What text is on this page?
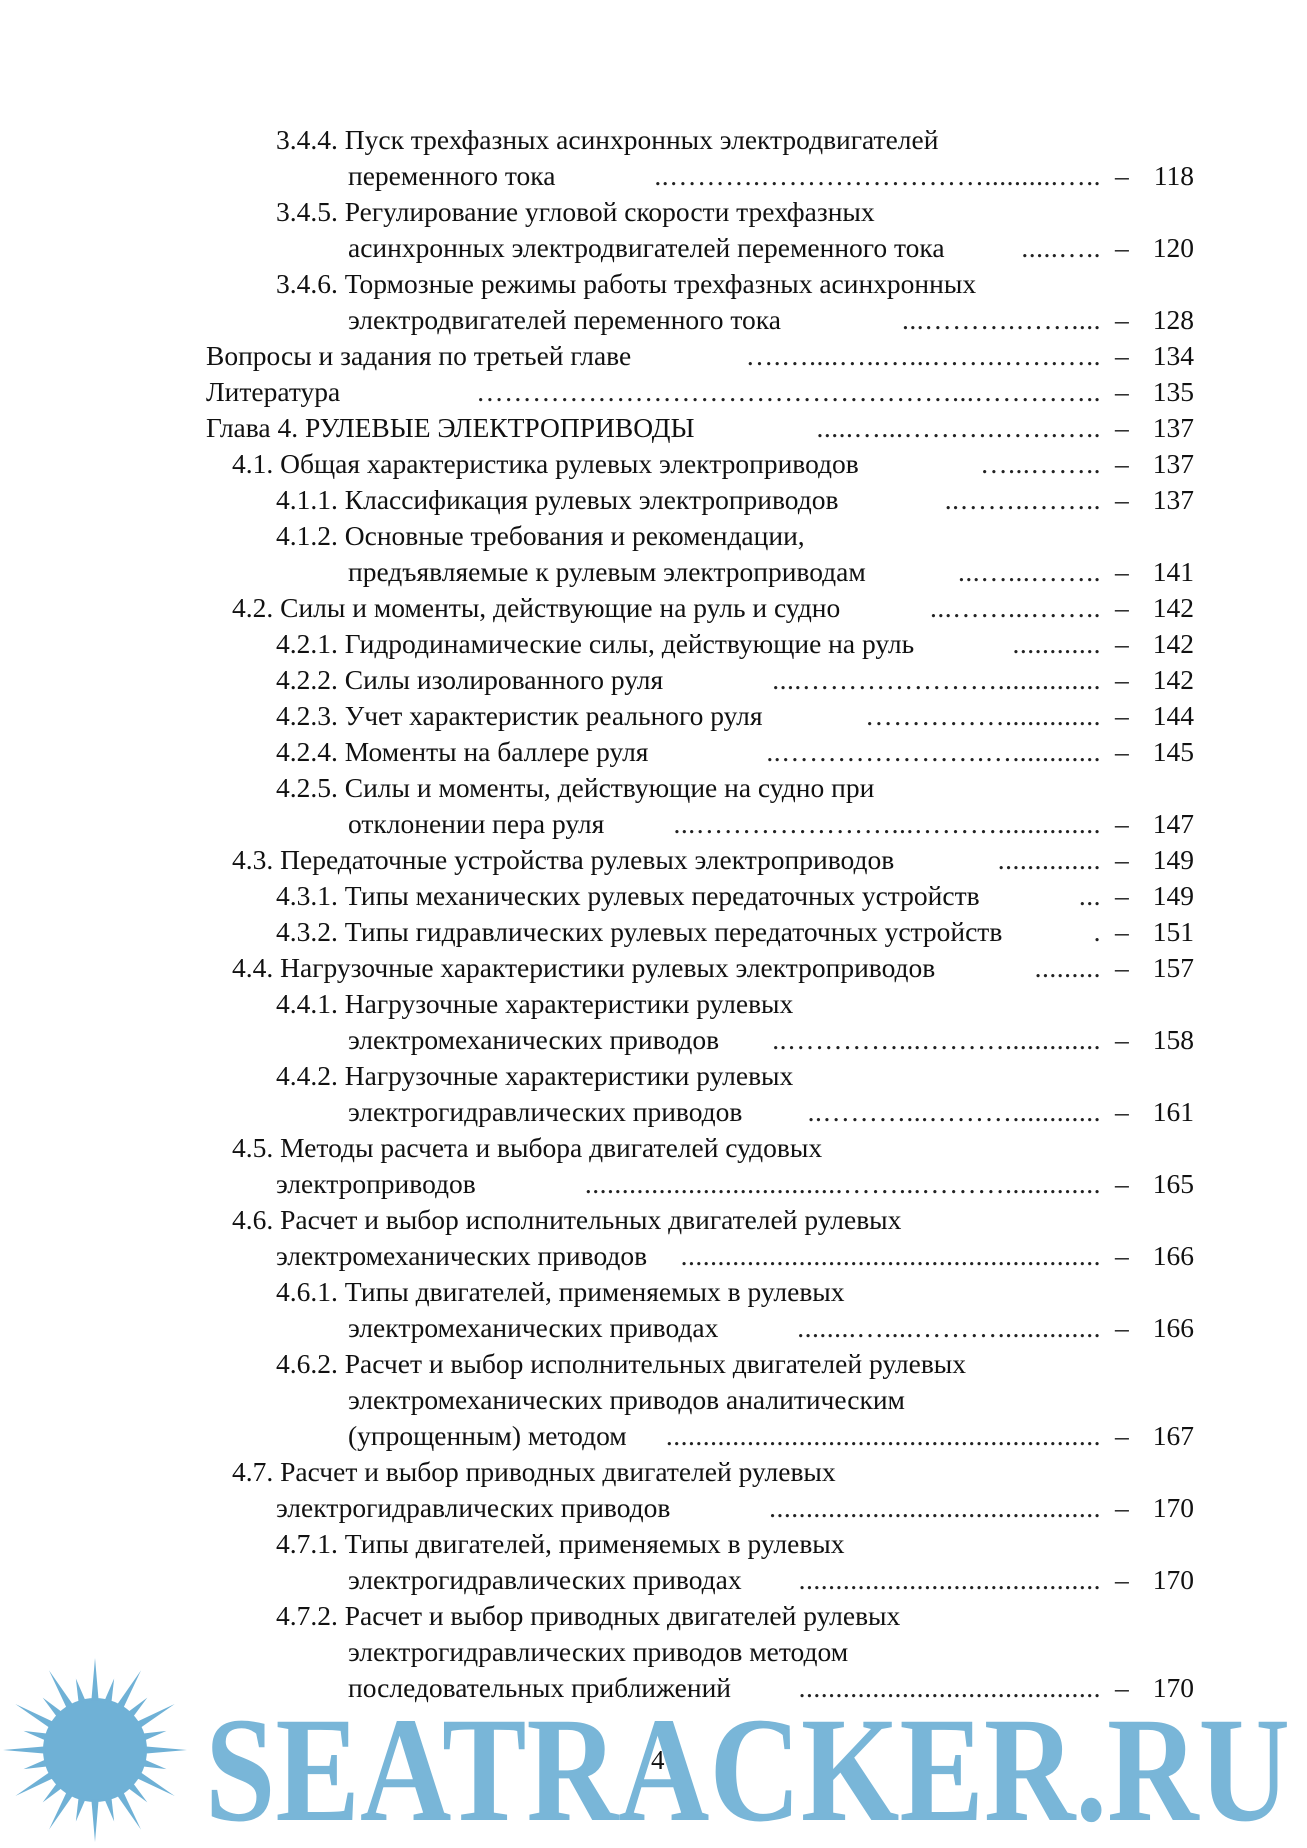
3.4.4. Пуск трехфазных асинхронных электродвигателей
переменного тока	..……….……………………..........….. – 118
3.4.5. Регулирование угловой скорости трехфазных
асинхронных электродвигателей переменного тока	.....….. – 120
3.4.6. Тормозные режимы работы трехфазных асинхронных
электродвигателей переменного тока	...……….…….... – 128
Вопросы и задания по третьей главе	….…....…..…...…….…….….. – 134
Литература	……………………………………………...………….. – 135
Глава 4. РУЛЕВЫЕ ЭЛЕКТРОПРИВОДЫ	.....…...……….…….….. – 137
4.1. Общая характеристика рулевых электроприводов	…...…….. – 137
4.1.1. Классификация рулевых электроприводов	..……..…….. – 137
4.1.2. Основные требования и рекомендации,
предъявляемые к рулевым электроприводам	...…...…….. – 141
4.2. Силы и моменты, действующие на руль и судно	...……...…….. – 142
4.2.1. Гидродинамические силы, действующие на руль	............ – 142
4.2.2. Силы изолированного руля	....………………….............. – 142
4.2.3. Учет характеристик реального руля	……………............. – 144
4.2.4. Моменты на баллере руля	..………………….…............ – 145
4.2.5. Силы и моменты, действующие на судно при
отклонении пера руля	...…………………...……….............. – 147
4.3. Передаточные устройства рулевых электроприводов	.............. – 149
4.3.1. Типы механических рулевых передаточных устройств	... – 149
4.3.2. Типы гидравлических рулевых передаточных устройств	. – 151
4.4. Нагрузочные характеристики рулевых электроприводов	......... – 157
4.4.1. Нагрузочные характеристики рулевых
электромеханических приводов ..…………...………............. – 158
4.4.2. Нагрузочные характеристики рулевых
электрогидравлических приводов ..………...………............ – 161
4.5. Методы расчета и выбора двигателей судовых
электроприводов	...................................……...………............. – 165
4.6. Расчет и выбор исполнительных двигателей рулевых
электромеханических приводов ......................................................... – 166
4.6.1. Типы двигателей, применяемых в рулевых
электромеханических приводах	........…....……….............. – 166
4.6.2. Расчет и выбор исполнительных двигателей рулевых
электромеханических приводов аналитическим
(упрощенным) методом ........................................................... – 167
4.7. Расчет и выбор приводных двигателей рулевых
электрогидравлических приводов	............................................. – 170
4.7.1. Типы двигателей, применяемых в рулевых
электрогидравлических приводах ......................................... – 170
4.7.2. Расчет и выбор приводных двигателей рулевых
электрогидравлических приводов методом
последовательных приближений ......................................... – 170
SEATRACKER.RU
4
